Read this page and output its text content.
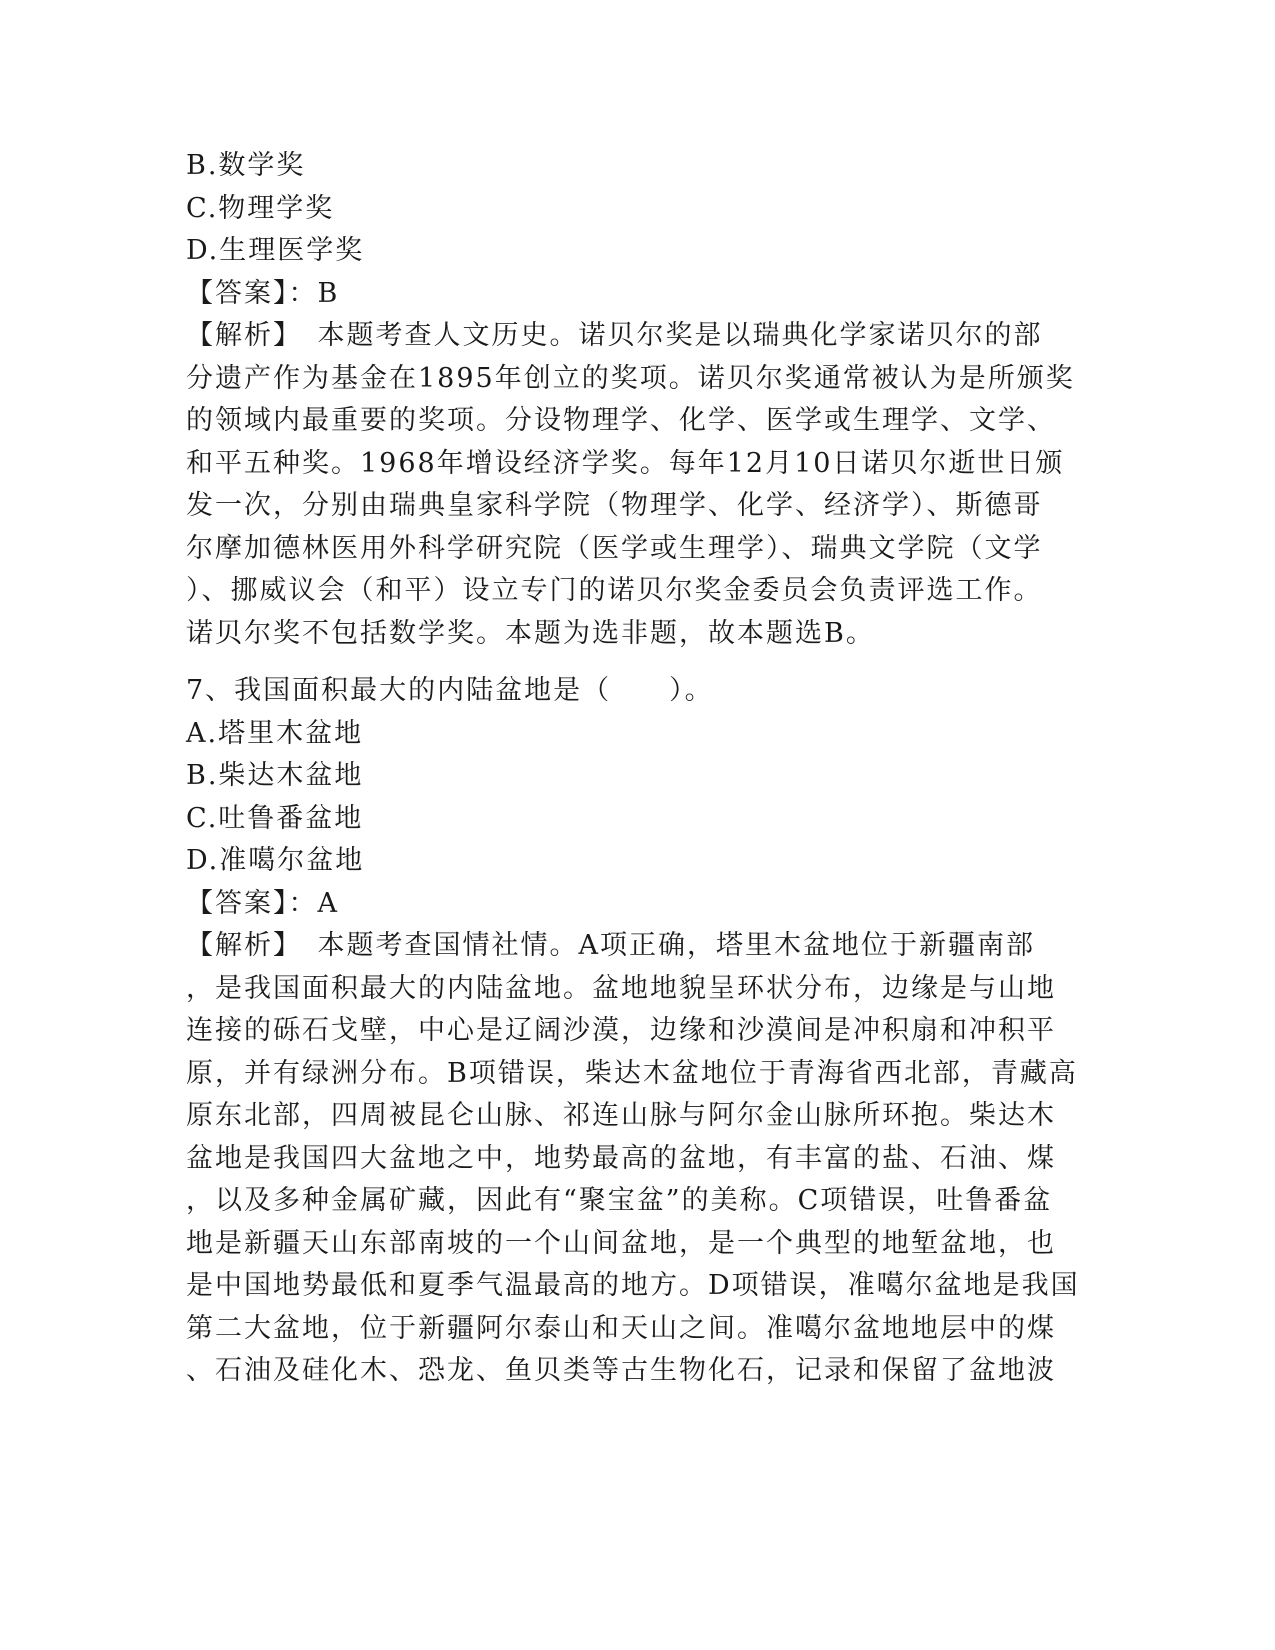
B.数学奖
C.物理学奖
D.生理医学奖
【答案】：B
【解析】　本题考查人文历史。诺贝尔奖是以瑞典化学家诺贝尔的部
分遗产作为基金在1895年创立的奖项。诺贝尔奖通常被认为是所颁奖
的领域内最重要的奖项。分设物理学、化学、医学或生理学、文学、
和平五种奖。1968年增设经济学奖。每年12月10日诺贝尔逝世日颁
发一次，分别由瑞典皇家科学院（物理学、化学、经济学）、斯德哥
尔摩加德林医用外科学研究院（医学或生理学）、瑞典文学院（文学
）、挪威议会（和平）设立专门的诺贝尔奖金委员会负责评选工作。
诺贝尔奖不包括数学奖。本题为选非题，故本题选B。
7、我国面积最大的内陆盆地是（　　）。
A.塔里木盆地
B.柴达木盆地
C.吐鲁番盆地
D.准噶尔盆地
【答案】：A
【解析】　本题考查国情社情。A项正确，塔里木盆地位于新疆南部
，是我国面积最大的内陆盆地。盆地地貌呈环状分布，边缘是与山地
连接的砾石戈壁，中心是辽阔沙漠，边缘和沙漠间是冲积扇和冲积平
原，并有绿洲分布。B项错误，柴达木盆地位于青海省西北部，青藏高
原东北部，四周被昆仑山脉、祁连山脉与阿尔金山脉所环抱。柴达木
盆地是我国四大盆地之中，地势最高的盆地，有丰富的盐、石油、煤
，以及多种金属矿藏，因此有“聚宝盆”的美称。C项错误，吐鲁番盆
地是新疆天山东部南坡的一个山间盆地，是一个典型的地堑盆地，也
是中国地势最低和夏季气温最高的地方。D项错误，准噶尔盆地是我国
第二大盆地，位于新疆阿尔泰山和天山之间。准噶尔盆地地层中的煤
、石油及硅化木、恐龙、鱼贝类等古生物化石，记录和保留了盆地波
